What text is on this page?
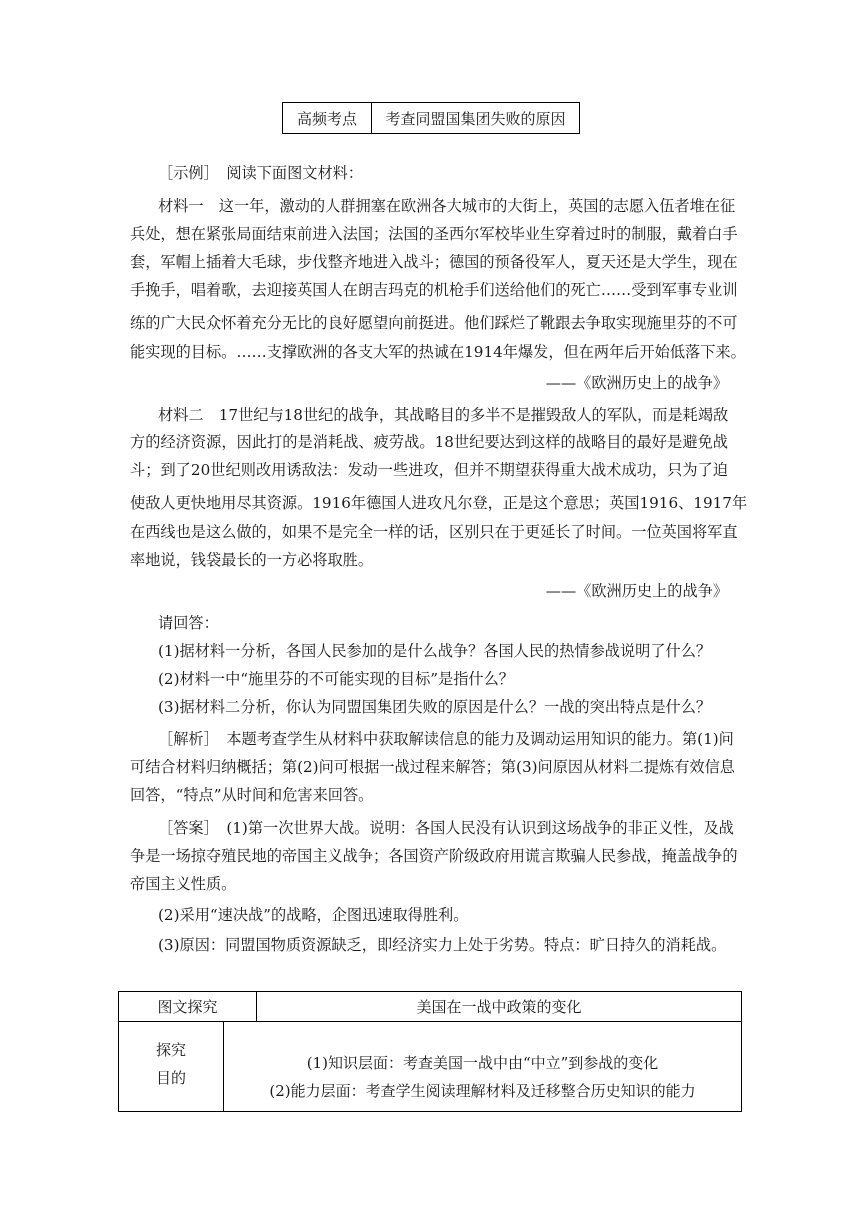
高频考点	考查同盟国集团失败的原因
［示例］　阅读下面图文材料：
材料一　这一年，激动的人群拥塞在欧洲各大城市的大街上，英国的志愿入伍者堆在征
兵处，想在紧张局面结束前进入法国；法国的圣西尔军校毕业生穿着过时的制服，戴着白手
套，军帽上插着大毛球，步伐整齐地进入战斗；德国的预备役军人，夏天还是大学生，现在
手挽手，唱着歌，去迎接英国人在朗吉玛克的机枪手们送给他们的死亡……受到军事专业训
练的广大民众怀着充分无比的良好愿望向前挺进。他们踩烂了靴跟去争取实现施里芬的不可
能实现的目标。……支撑欧洲的各支大军的热诚在1914年爆发，但在两年后开始低落下来。
——《欧洲历史上的战争》
材料二　17世纪与18世纪的战争，其战略目的多半不是摧毁敌人的军队，而是耗竭敌
方的经济资源，因此打的是消耗战、疲劳战。18世纪要达到这样的战略目的最好是避免战
斗；到了20世纪则改用诱敌法：发动一些进攻，但并不期望获得重大战术成功，只为了迫
使敌人更快地用尽其资源。1916年德国人进攻凡尔登，正是这个意思；英国1916、1917年
在西线也是这么做的，如果不是完全一样的话，区别只在于更延长了时间。一位英国将军直
率地说，钱袋最长的一方必将取胜。
——《欧洲历史上的战争》
请回答：
(1)据材料一分析，各国人民参加的是什么战争？各国人民的热情参战说明了什么？
(2)材料一中“施里芬的不可能实现的目标”是指什么？
(3)据材料二分析，你认为同盟国集团失败的原因是什么？一战的突出特点是什么？
［解析］　本题考查学生从材料中获取解读信息的能力及调动运用知识的能力。第(1)问
可结合材料归纳概括；第(2)问可根据一战过程来解答；第(3)问原因从材料二提炼有效信息
回答，“特点”从时间和危害来回答。
［答案］　(1)第一次世界大战。说明：各国人民没有认识到这场战争的非正义性，及战
争是一场掠夺殖民地的帝国主义战争；各国资产阶级政府用谎言欺骗人民参战，掩盖战争的
帝国主义性质。
(2)采用“速决战”的战略，企图迅速取得胜利。
(3)原因：同盟国物质资源缺乏，即经济实力上处于劣势。特点：旷日持久的消耗战。
图文探究	美国在一战中政策的变化
探究
目的
(1)知识层面：考查美国一战中由“中立”到参战的变化
(2)能力层面：考查学生阅读理解材料及迁移整合历史知识的能力
